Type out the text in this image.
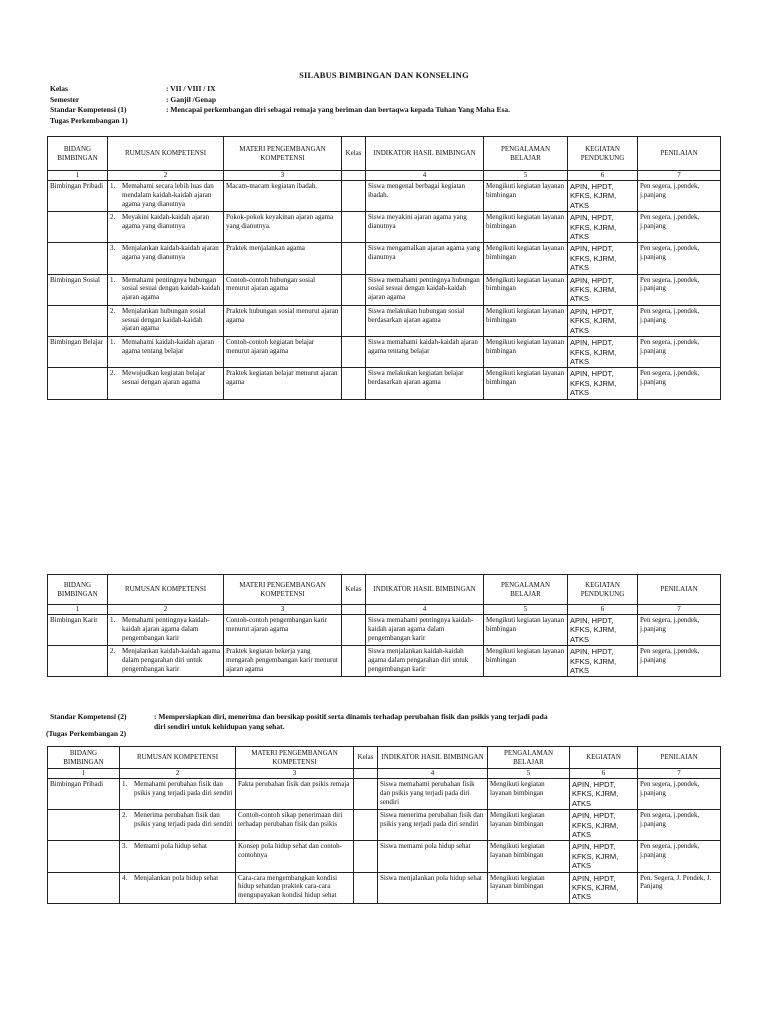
SILABUS BIMBINGAN DAN KONSELING
Kelas	: VII / VIII / IX
Semester	: Ganjil /Genap
Standar Kompetensi (1)	: Mencapai perkembangan diri sebagai remaja yang beriman dan bertaqwa kepada Tuhan Yang Maha Esa.
Tugas Perkembangan 1)
BIDANG BIMBINGAN	RUMUSAN KOMPETENSI	MATERI PENGEMBANGAN KOMPETENSI	Kelas	INDIKATOR HASIL BIMBINGAN	PENGALAMAN BELAJAR	KEGIATAN PENDUKUNG	PENILAIAN
1	2	3		4	5	6	7
Bimbingan Pribadi	1. Memahami secara lebih luas dan mendalam kaidah-kaidah ajaran agama yang dianutnya	Macam-macam kegiatan ibadah.		Siswa mengenal berbagai kegiatan ibadah.	Mengikuti kegiatan layanan bimbingan	APIN, HPDT, KFKS, KJRM, ATKS	Pen segera, j.pendek, j.panjang

	2. Meyakini kaidah-kaidah ajaran agama yang dianutnya	Pokok-pokok keyakinan ajaran agama yang dianutnya.		Siswa meyakini ajaran agama yang dianutnya	Mengikuti kegiatan layanan bimbingan	APIN, HPDT, KFKS, KJRM, ATKS	Pen segera, j.pendek, j.panjang

	3. Menjalankan kaidah-kaidah ajaran agama yang dianutnya	Praktek menjalankan agama		Siswa mengamalkan ajaran agama yang dianutnya	Mengikuti kegiatan layanan bimbingan	APIN, HPDT, KFKS, KJRM, ATKS	Pen segera, j.pendek, j.panjang
Bimbingan Sosial	1. Memahami pentingnya hubungan sosial sesuai dengan kaidah-kaidah ajaran agama	Contoh-contoh hubungan sosial menurut ajaran agama		Siswa memahami pentingnya hubungan sosial sesuai dengan kaidah-kaidah ajaran agama	Mengikuti kegiatan layanan bimbingan	APIN, HPDT, KFKS, KJRM, ATKS	Pen segera, j.pendek, j.panjang

	2. Menjalankan hubungan sosial sesuai dengan kaidah-kaidah ajaran agama	Praktek hubungan sosial menurut ajaran agama		Siswa melakukan hubungan sosial berdasarkan ajaran agama	Mengikuti kegiatan layanan bimbingan	APIN, HPDT, KFKS, KJRM, ATKS	Pen segera, j.pendek, j.panjang
Bimbingan Belajar	1. Memahami kaidah-kaidah ajaran agama tentang belajar	Contoh-contoh kegiatan belajar menurut ajaran agama		Siswa memahami kaidah-kaidah ajaran agama tentang belajar	Mengikuti kegiatan layanan bimbingan	APIN, HPDT, KFKS, KJRM, ATKS	Pen segera, j.pendek, j.panjang

	2. Mewujudkan kegiatan belajar sesuai dengan ajaran agama	Praktek kegiatan belajar menurut ajaran agama		Siswa melakukan kegiatan belajar berdasarkan ajaran agama	Mengikuti kegiatan layanan bimbingan	APIN, HPDT, KFKS, KJRM, ATKS	Pen segera, j.pendek, j.panjang
BIDANG BIMBINGAN	RUMUSAN KOMPETENSI	MATERI PENGEMBANGAN KOMPETENSI	Kelas	INDIKATOR HASIL BIMBINGAN	PENGALAMAN BELAJAR	KEGIATAN PENDUKUNG	PENILAIAN
1	2	3		4	5	6	7
Bimbingan Karir	1. Memahami pentingnya kaidah-kaidah ajaran agama dalam pengembangan karir	Contoh-contoh pengembangan karir menurut ajaran agama		Siswa memahami pentingnya kaidah-kaidah ajaran agama dalam pengembangan karir	Mengikuti kegiatan layanan bimbingan	APIN, HPDT, KFKS, KJRM, ATKS	Pen segera, j.pendek, j.panjang

	2. Menjalankan kaidah-kaidah agama dalam pengarahan diri untuk pengembangan karir	Praktek kegiatan bekerja yang mengarah pengembangan karir menurut ajaran agama		Siswa menjalankan kaidah-kaidah agama dalam pengarahan diri untuk pengembangan karir	Mengikuti kegiatan layanan bimbingan	APIN, HPDT, KFKS, KJRM, ATKS	Pen segera, j.pendek, j.panjang
Standar Kompetensi (2)	: Mempersiapkan diri, menerima dan bersikap positif serta dinamis terhadap perubahan fisik dan psikis yang terjadi pada diri sendiri untuk kehidupan yang sehat.
(Tugas Perkembangan 2)
BIDANG BIMBINGAN	RUMUSAN KOMPETENSI	MATERI PENGEMBANGAN KOMPETENSI	Kelas	INDIKATOR HASIL BIMBINGAN	PENGALAMAN BELAJAR	KEGIATAN	PENILAIAN
1	2	3		4	5	6	7
Bimbingan Pribadi	1. Memahami perubahan fisik dan psikis yang terjadi pada diri sendiri	Fakta perubahan fisik dan psikis remaja		Siswa memahami perubahan fisik dan psikis yang terjadi pada diri sendiri	Mengikuti kegiatan layanan bimbingan	APIN, HPDT, KFKS, KJRM, ATKS	Pen segera, j.pendek, j.panjang

	2. Menerima perubahan fisik dan psikis yang terjadi pada diri sendiri	Contoh-contoh sikap penerimaan diri terhadap perubahan fisik dan psikis		Siswa menerima perubahan fisik dan psikis yang terjadi pada diri sendiri	Mengikuti kegiatan layanan bimbingan	APIN, HPDT, KFKS, KJRM, ATKS	Pen segera, j.pendek, j.panjang

	3. Memami pola hidup sehat	Konsep pola hidup sehat dan contoh-contohnya		Siswa memami pola hidup sehat	Mengikuti kegiatan layanan bimbingan	APIN, HPDT, KFKS, KJRM, ATKS	Pen segera, j.pendek, j.panjang

	4. Menjalankan pola hidup sehat	Cara-cara mengembangkan kondisi hidup sehatdan praktek cara-cara mengupayakan kondisi hidup sehat		Siswa menjalankan pola hidup sehat	Mengikuti kegiatan layanan bimbingan	APIN, HPDT, KFKS, KJRM, ATKS	Pen. Segera, J. Pendek, J. Panjang
